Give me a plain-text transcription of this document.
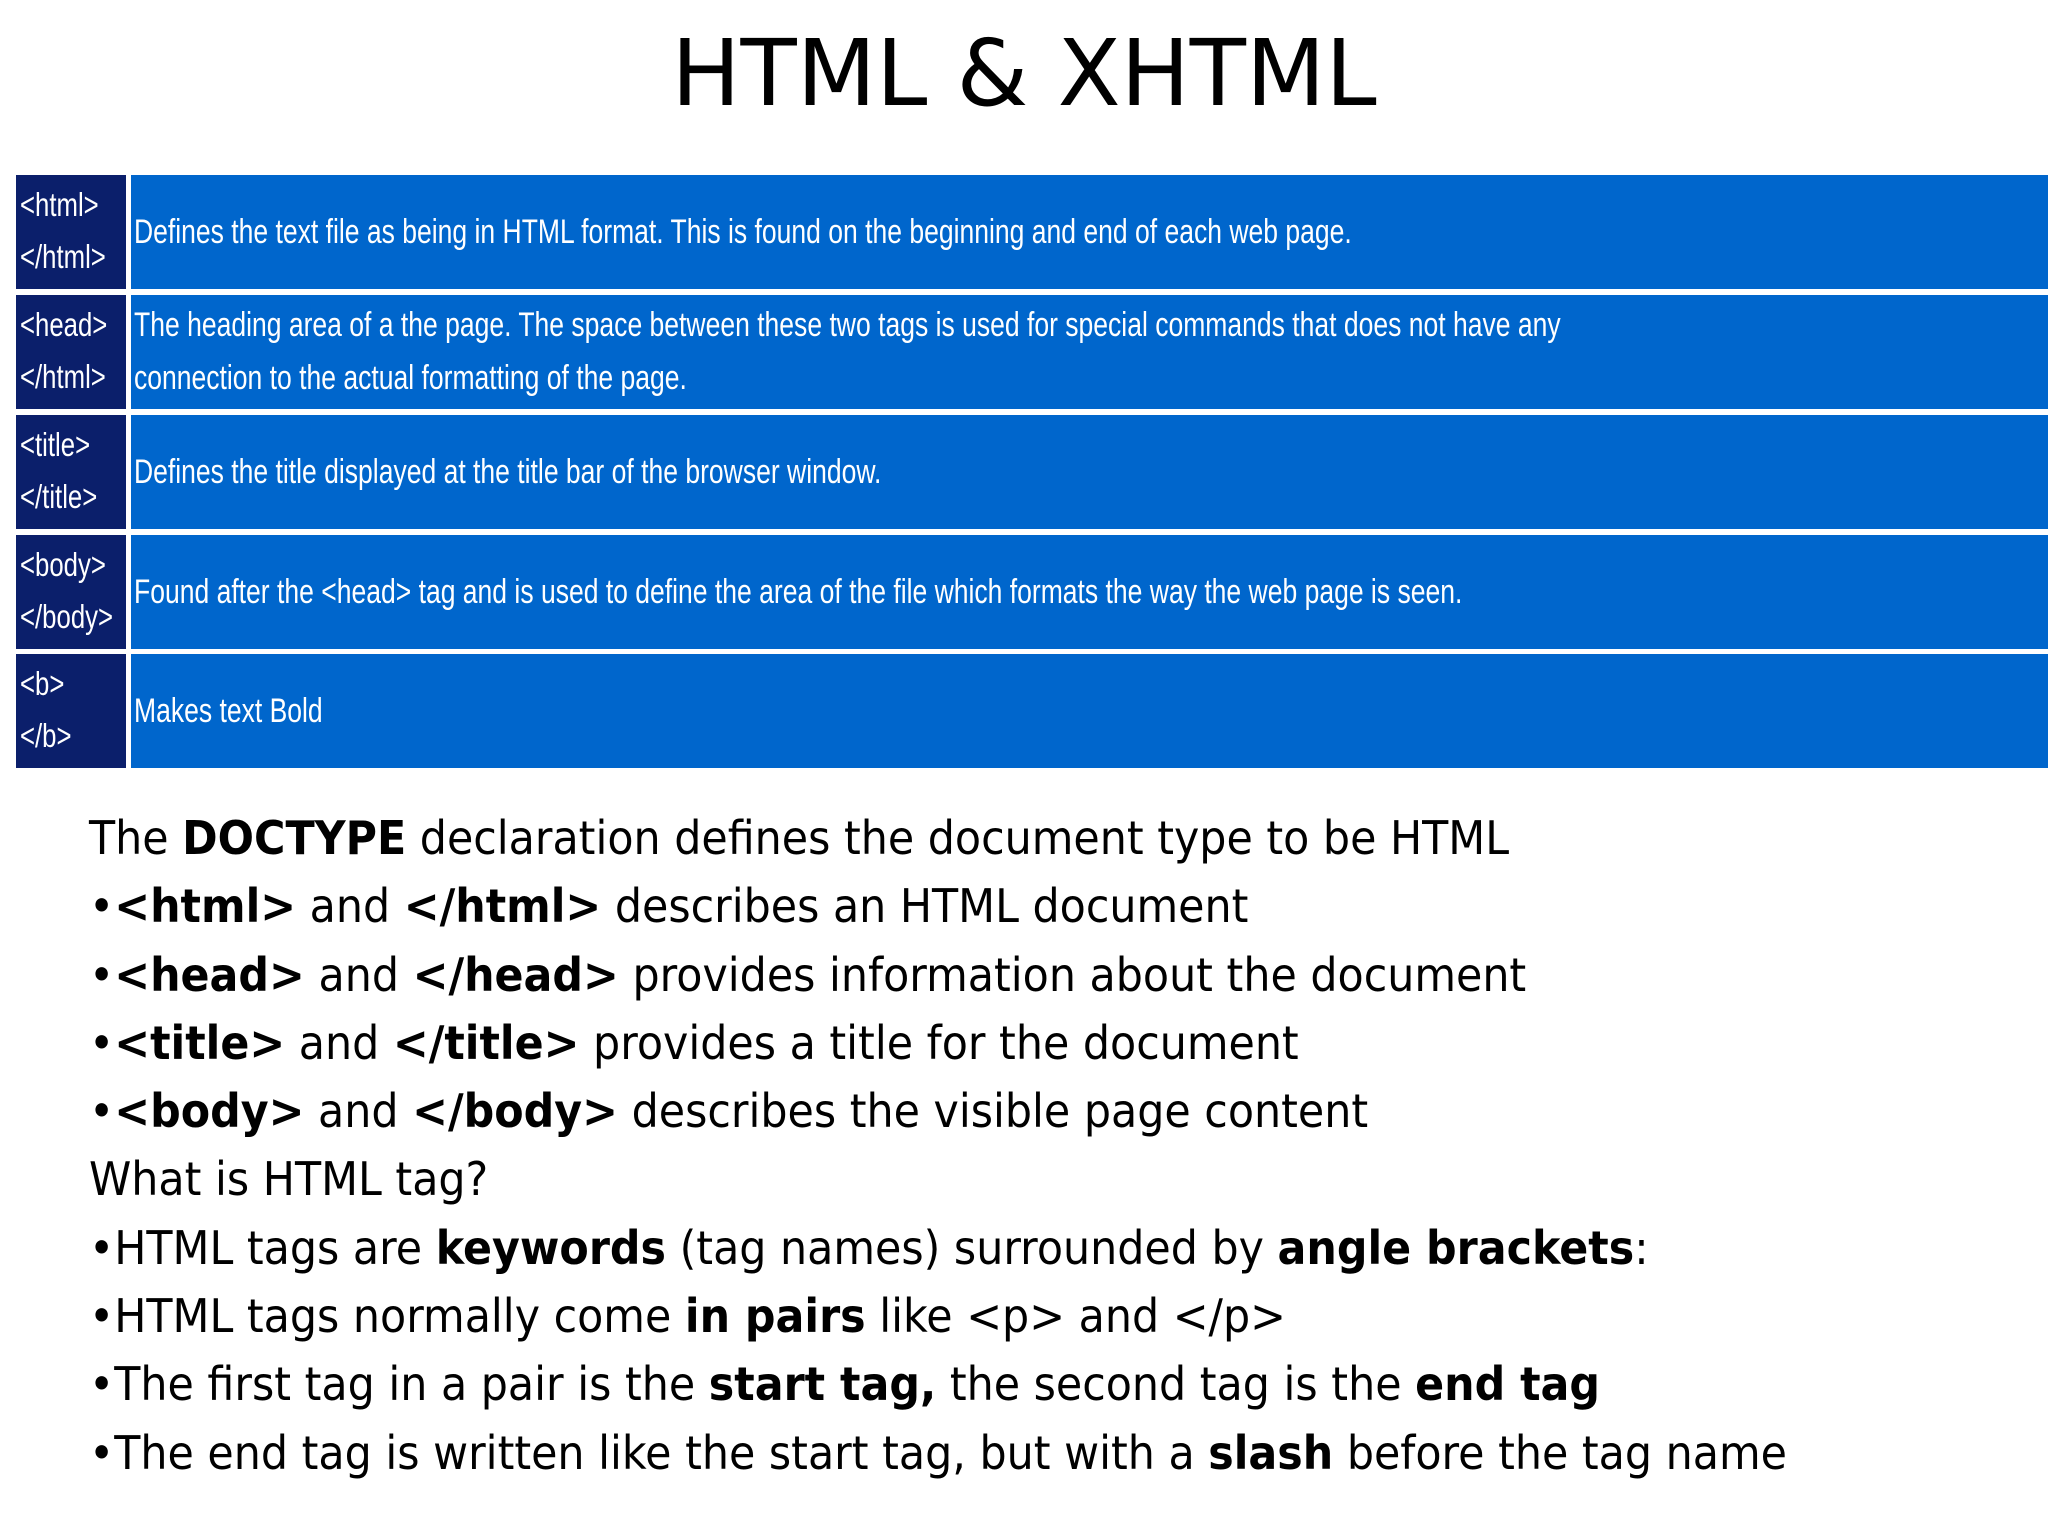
HTML & XHTML
<html>
</html>
Defines the text file as being in HTML format. This is found on the beginning and end of each web page.
<head>
</html>
The heading area of a the page. The space between these two tags is used for special commands that does not have any connection to the actual formatting of the page.
<title>
</title>
Defines the title displayed at the title bar of the browser window.
<body>
</body>
Found after the <head> tag and is used to define the area of the file which formats the way the web page is seen.
<b>
</b>
Makes text Bold
The DOCTYPE declaration defines the document type to be HTML
•<html> and </html> describes an HTML document
•<head> and </head> provides information about the document
•<title> and </title> provides a title for the document
•<body> and </body> describes the visible page content
What is HTML tag?
•HTML tags are keywords (tag names) surrounded by angle brackets:
•HTML tags normally come in pairs like <p> and </p>
•The first tag in a pair is the start tag, the second tag is the end tag
•The end tag is written like the start tag, but with a slash before the tag name
